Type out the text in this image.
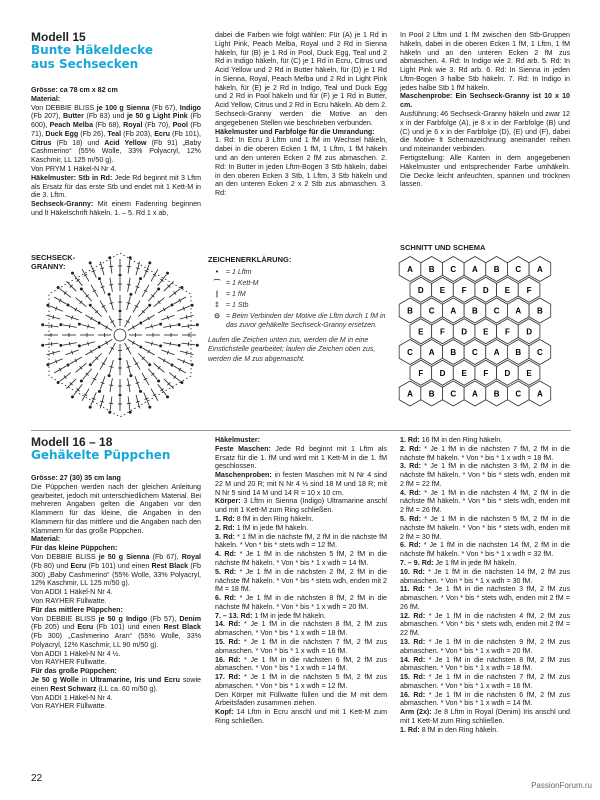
Modell 15
Bunte Häkeldecke
aus Sechsecken

Grösse: ca 78 cm x 82 cm

Material:

Von DEBBIE BLISS je 100 g Sienna (Fb 67), Indigo (Fb 207), Butter (Fb 83) und je 50 g Light Pink (Fb 600), Peach Melba (Fb 68), Royal (Fb 70), Pool (Fb 71), Duck Egg (Fb 26), Teal (Fb 203), Ecru (Fb 101), Citrus (Fb 18) und Acid Yellow (Fb 91) „Baby Cashmerino“ (55% Wolle, 33% Polyacryl, 12% Kaschmir, LL 125 m/50 g).

Von PRYM 1 Häkel-N Nr 4.

Häkelmuster: Stb in Rd: Jede Rd beginnt mit 3 Lftm als Ersatz für das erste Stb und endet mit 1 Kett-M in die 3. Lftm.

Sechseck-Granny: Mit einem Fadenring beginnen und lt Häkelschrift häkeln. 1. – 5. Rd 1 x ab,

dabei die Farben wie folgt wählen: Für (A) je 1 Rd in Light Pink, Peach Melba, Royal und 2 Rd in Sienna häkeln, für (B) je 1 Rd in Pool, Duck Egg, Teal und 2 Rd in Indigo häkeln, für (C) je 1 Rd in Ecru, Citrus und Acid Yellow und 2 Rd in Butter häkeln, für (D) je 1 Rd in Sienna, Royal, Peach Melba und 2 Rd in Light Pink häkeln, für (E) je 2 Rd in Indigo, Teal und Duck Egg und 2 Rd in Pool häkeln und für (F) je 1 Rd in Butter, Acid Yellow, Citrus und 2 Rd in Ecru häkeln. Ab dem 2. Sechseck-Granny werden die Motive an den angegebenen Stellen wie beschrieben verbunden.

Häkelmuster und Farbfolge für die Umrandung:

1. Rd: In Ecru 3 Lftm und 1 fM im Wechsel häkeln, dabei in die oberen Ecken 1 fM, 1 Lftm, 1 fM häkeln und an den unteren Ecken 2 fM zus abmaschen. 2. Rd: In Butter in jeden Lftm-Bogen 3 Stb häkeln, dabei in den oberen Ecken 3 Stb, 1 Lftm, 3 Stb häkeln und an den unteren Ecken 2 x 2 Stb zus abmaschen. 3. Rd:

In Pool 2 Lftm und 1 fM zwischen den Stb-Gruppen häkeln, dabei in die oberen Ecken 1 fM, 1 Lftm, 1 fM häkeln und an den unteren Ecken 2 fM zus abmaschen. 4. Rd: In Indigo wie 2. Rd arb. 5. Rd: In Light Pink wie 3. Rd arb. 6. Rd: In Sienna in jeden Lftm-Bogen 3 halbe Stb häkeln. 7. Rd: In Indigo in jedes halbe Stb 1 fM häkeln.

Maschenprobe: Ein Sechseck-Granny ist 10 x 10 cm.

Ausführung: 46 Sechseck-Granny häkeln und zwar 12 x in der Farbfolge (A), je 8 x in der Farbfolge (B) und (C) und je 6 x in der Farbfolge (D), (E) und (F), dabei die Motive lt Schemazeichnung aneinander reihen und miteinander verbinden.

Fertigstellung: Alle Kanten in dem angegebenen Häkelmuster und entsprechender Farbe umhäkeln. Die Decke leicht anfeuchten, spannen und trocknen lassen.

SECHSECK-GRANNY:
ZEICHENERKLÄRUNG:
•	= 1 Lftm
⌒ = 1 Kett-M
|	= 1 fM
‡	= 1 Stb
⊙ = Beim Verbinden der Motive die Lftm durch 1 fM in das zuvor gehäkelte Sechseck-Granny ersetzen.
Laufen die Zeichen unten zus, werden die M in eine Einstichstelle gearbeitet; laufen die Zeichen oben zus, werden die M zus abgemascht.
SCHNITT UND SCHEMA
A B C A B C A
D E F D E F
B C A B C A B
E F D E F D
C A B C A B C
F D E F D E
A B C A B C A
Modell 16 – 18
Gehäkelte Püppchen

Grösse: 27 (30) 35 cm lang
Die Püppchen werden nach der gleichen Anleitung gearbeitet, jedoch mit unterschiedlichem Material. Bei mehreren Angaben gelten die Angaben vor den Klammern für das kleine, die Angaben in den Klammern für das mittlere und die Angaben nach den Klammern für das große Püppchen.
Material:
Für das kleine Püppchen:
Von DEBBIE BLISS je 50 g Sienna (Fb 67), Royal (Fb 80) und Ecru (Fb 101) und einen Rest Black (Fb 300) „Baby Cashmerino“ (55% Wolle, 33% Polyacryl, 12% Kaschmir, LL 125 m/50 g).
Von ADDI 1 Häkel-N Nr 4.
Von RAYHER Füllwatte.
Für das mittlere Püppchen:
Von DEBBIE BLISS je 50 g Indigo (Fb 57), Denim (Fb 205) und Ecru (Fb 101) und einen Rest Black (Fb 300) „Cashmerino Aran“ (55% Wolle, 33% Polyacryl, 12% Kaschmir, LL 90 m/50 g).
Von ADDI 1 Häkel-N Nr 4 ½.
Von RAYHER Füllwatte.
Für das große Püppchen:
Je 50 g Wolle in Ultramarine, Iris und Ecru sowie einen Rest Schwarz (LL ca. 60 m/50 g).
Von ADDI 1 Häkel-N Nr 4.
Von RAYHER Füllwatte.

Häkelmuster:
Feste Maschen: Jede Rd beginnt mit 1 Lftm als Ersatz für die 1. fM und wird mit 1 Kett-M in die 1. fM geschlossen.
Maschenproben: in festen Maschen mit N Nr 4 sind 22 M und 20 R; mit N Nr 4 ½ sind 18 M und 18 R; mit N Nr 5 sind 14 M und 14 R = 10 x 10 cm.
Körper: 3 Lftm in Sienna (Indigo) Ultramarine anschl und mit 1 Kett-M zum Ring schließen.
1. Rd: 8 fM in den Ring häkeln.
2. Rd: 1 fM in jede fM häkeln.
3. Rd: * 1 fM in die nächste fM, 2 fM in die nächste fM häkeln. * Von * bis * stets wdh = 12 fM.
4. Rd: * Je 1 fM in die nächsten 5 fM, 2 fM in die nächste fM häkeln. * Von * bis * 1 x wdh = 14 fM.
5. Rd: * Je 1 fM in die nächsten 2 fM, 2 fM in die nächste fM häkeln. * Von * bis * stets wdh, enden mit 2 fM = 18 fM.
6. Rd: * Je 1 fM in die nächsten 8 fM, 2 fM in die nächste fM häkeln. * Von * bis * 1 x wdh = 20 fM.
7. – 13. Rd: 1 fM in jede fM häkeln.
14. Rd: * Je 1 fM in die nächsten 8 fM, 2 fM zus abmaschen. * Von * bis * 1 x wdh = 18 fM.
15. Rd: * Je 1 fM in die nächsten 7 fM, 2 fM zus abmaschen. * Von * bis * 1 x wdh = 16 fM.
16. Rd: * Je 1 fM in die nächsten 6 fM, 2 fM zus abmaschen. * Von * bis * 1 x wdh = 14 fM.
17. Rd: * Je 1 fM in die nächsten 5 fM, 2 fM zus abmaschen. * Von * bis * 1 x wdh = 12 fM.
Den Körper mit Füllwatte füllen und die M mit dem Arbeitsfaden zusammen ziehen.
Kopf: 14 Lftm in Ecru anschl und mit 1 Kett-M zum Ring schließen.

1. Rd: 16 fM in den Ring häkeln.
2. Rd: * Je 1 fM in die nächsten 7 fM, 2 fM in die nächste fM häkeln. * Von * bis * 1 x wdh = 18 fM.
3. Rd: * Je 1 fM in die nächsten 3 fM, 2 fM in die nächste fM häkeln. * Von * bis * stets wdh, enden mit 2 fM = 22 fM.
4. Rd: * Je 1 fM in die nächsten 4 fM, 2 fM in die nächste fM häkeln. * Von * bis * stets wdh, enden mit 2 fM = 26 fM.
5. Rd: * Je 1 fM in die nächsten 5 fM, 2 fM in die nächste fM häkeln. * Von * bis * stets wdh, enden mit 2 fM = 30 fM.
6. Rd: * Je 1 fM in die nächsten 14 fM, 2 fM in die nächste fM häkeln. * Von * bis * 1 x wdh = 32 fM.
7. – 9. Rd: Je 1 fM in jede fM häkeln.
10. Rd: * Je 1 fM in die nächsten 14 fM, 2 fM zus abmaschen. * Von * bis * 1 x wdh = 30 fM.
11. Rd: * Je 1 fM in die nächsten 3 fM, 2 fM zus abmaschen. * Von * bis * stets wdh, enden mit 2 fM = 26 fM.
12. Rd: * Je 1 fM in die nächsten 4 fM, 2 fM zus abmaschen. * Von * bis * stets wdh, enden mit 2 fM = 22 fM.
13. Rd: * Je 1 fM in die nächsten 9 fM, 2 fM zus abmaschen. * Von * bis * 1 x wdh = 20 fM.
14. Rd: * Je 1 fM in die nächsten 8 fM, 2 fM zus abmaschen. * Von * bis * 1 x wdh = 18 fM.
15. Rd: * Je 1 fM in die nächsten 7 fM, 2 fM zus abmaschen. * Von * bis * 1 x wdh = 16 fM.
16. Rd: * Je 1 fM in die nächsten 6 fM, 2 fM zus abmaschen. * Von * bis * 1 x wdh = 14 fM.
Arm (2x): Je 8 Lftm in Royal (Denim) Iris anschl und mit 1 Kett-M zum Ring schließen.
1. Rd: 8 fM in den Ring häkeln.

22
PassionForum.ru
